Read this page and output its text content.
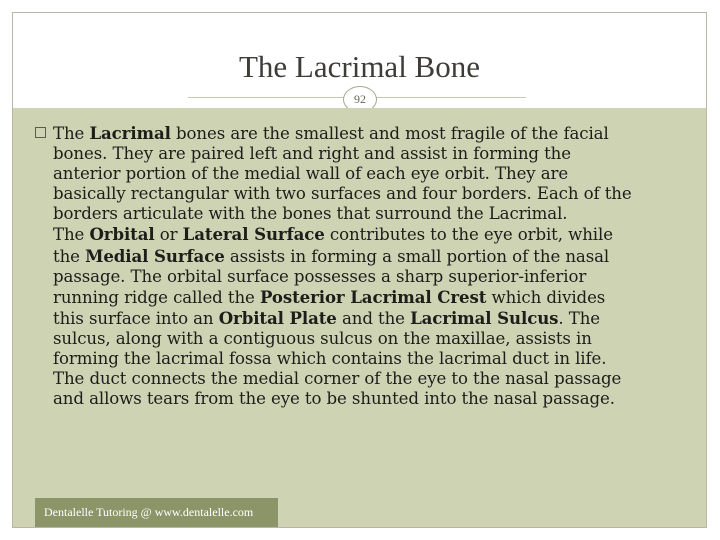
The Lacrimal Bone
92
The Lacrimal bones are the smallest and most fragile of the facial
bones. They are paired left and right and assist in forming the
anterior portion of the medial wall of each eye orbit. They are
basically rectangular with two surfaces and four borders. Each of the
borders articulate with the bones that surround the Lacrimal.
The Orbital or Lateral Surface contributes to the eye orbit, while
the Medial Surface assists in forming a small portion of the nasal
passage. The orbital surface possesses a sharp superior-inferior
running ridge called the Posterior Lacrimal Crest which divides
this surface into an Orbital Plate and the Lacrimal Sulcus. The
sulcus, along with a contiguous sulcus on the maxillae, assists in
forming the lacrimal fossa which contains the lacrimal duct in life.
The duct connects the medial corner of the eye to the nasal passage
and allows tears from the eye to be shunted into the nasal passage.
Dentalelle Tutoring @ www.dentalelle.com
